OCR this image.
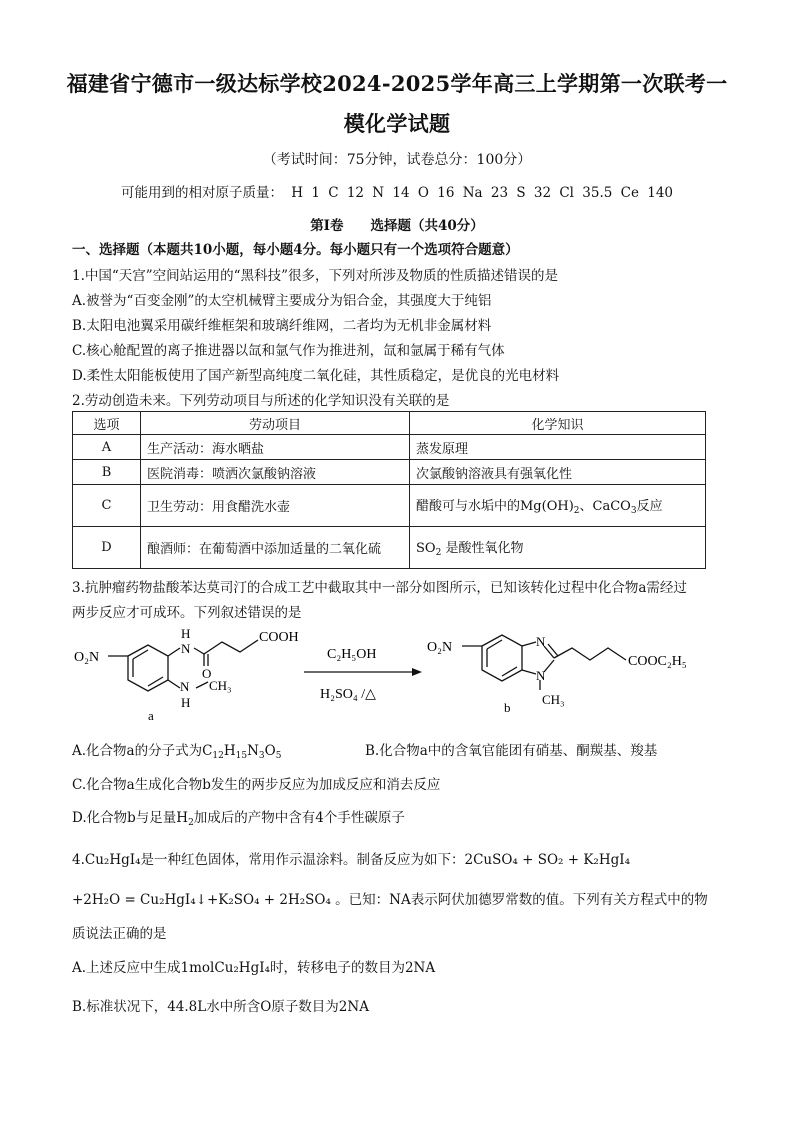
福建省宁德市一级达标学校2024-2025学年高三上学期第一次联考一
模化学试题
（考试时间：75分钟，试卷总分：100分）
可能用到的相对原子质量： H 1 C 12 N 14 O 16 Na 23 S 32 Cl 35.5 Ce 140
第Ⅰ卷　　选择题（共40分）
一、选择题（本题共10小题，每小题4分。每小题只有一个选项符合题意）
1.中国“天宫”空间站运用的“黑科技”很多，下列对所涉及物质的性质描述错误的是
A.被誉为“百变金刚”的太空机械臂主要成分为铝合金，其强度大于纯铝
B.太阳电池翼采用碳纤维框架和玻璃纤维网，二者均为无机非金属材料
C.核心舱配置的离子推进器以氙和氩气作为推进剂，氙和氩属于稀有气体
D.柔性太阳能板使用了国产新型高纯度二氧化硅，其性质稳定，是优良的光电材料
2.劳动创造未来。下列劳动项目与所述的化学知识没有关联的是
选项	劳动项目	化学知识
A	生产活动：海水晒盐	蒸发原理
B	医院消毒：喷洒次氯酸钠溶液	次氯酸钠溶液具有强氧化性
C	卫生劳动：用食醋洗水壶	醋酸可与水垢中的$Mg(OH)_2$、CaCO$_3$反应
D	酿酒师：在葡萄酒中添加适量的二氧化硫	$SO_2$ 是酸性氧化物
3.抗肿瘤药物盐酸苯达莫司汀的合成工艺中截取其中一部分如图所示，已知该转化过程中化合物a需经过
两步反应才可成环。下列叙述错误的是
O₂N
N
H
O
COOH
N CH₃
H
a
C₂H₅OH
H₂SO₄ /△
O₂N	N
N
CH₃
COOC₂H₅
b
A.化合物a的分子式为$C_{12}H_{15}N_3O_5$	B.化合物a中的含氧官能团有硝基、酮羰基、羧基
C.化合物a生成化合物b发生的两步反应为加成反应和消去反应
D.化合物b与足量$H_2$加成后的产物中含有4个手性碳原子
4.Cu₂HgI₄是一种红色固体，常用作示温涂料。制备反应为如下：2CuSO₄ + SO₂ + K₂HgI₄
+2H₂O = Cu₂HgI₄↓+K₂SO₄ + 2H₂SO₄ 。已知：NA表示阿伏加德罗常数的值。下列有关方程式中的物
质说法正确的是
A.上述反应中生成1molCu₂HgI₄时，转移电子的数目为2NA
B.标准状况下，44.8L水中所含O原子数目为2NA
